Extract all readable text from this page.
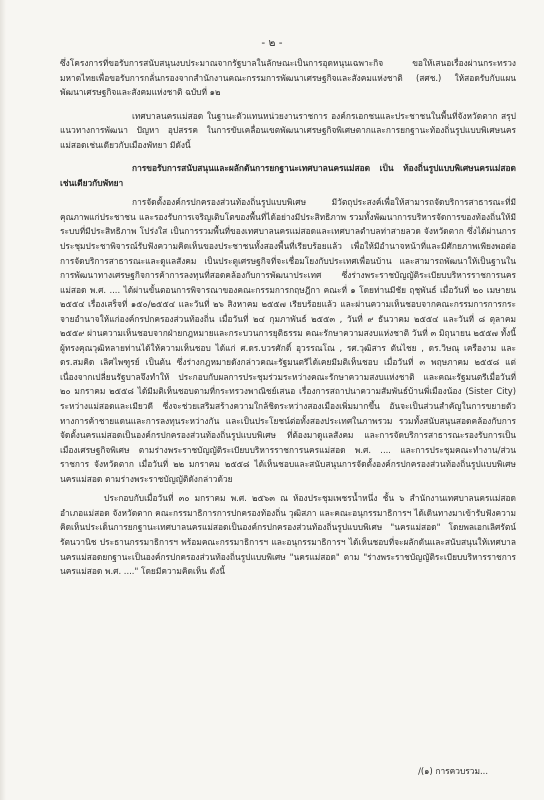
- ๒ -

ซึ่งโครงการที่ขอรับการสนับสนุนงบประมาณจากรัฐบาลในลักษณะเป็นการอุดหนุนเฉพาะกิจ ขอให้เสนอเรื่องผ่านกระทรวงมหาดไทยเพื่อขอรับการกลั่นกรองจากสำนักงานคณะกรรมการพัฒนาเศรษฐกิจและสังคมแห่งชาติ (สศช.) ให้สอดรับกับแผนพัฒนาเศรษฐกิจและสังคมแห่งชาติ ฉบับที่ ๑๒

เทศบาลนครแม่สอด ในฐานะตัวแทนหน่วยงานราชการ องค์กรเอกชนและประชาชนในพื้นที่จังหวัดตาก สรุปแนวทางการพัฒนา ปัญหา อุปสรรค ในการขับเคลื่อนเขตพัฒนาเศรษฐกิจพิเศษตากและการยกฐานะท้องถิ่นรูปแบบพิเศษนครแม่สอดเช่นเดียวกับเมืองพัทยา มีดังนี้

การขอรับการสนับสนุนและผลักดันการยกฐานะเทศบาลนครแม่สอด เป็น ท้องถิ่นรูปแบบพิเศษนครแม่สอด เช่นเดียวกับพัทยา

การจัดตั้งองค์กรปกครองส่วนท้องถิ่นรูปแบบพิเศษ มีวัตถุประสงค์เพื่อให้สามารถจัดบริการสาธารณะที่มีคุณภาพแก่ประชาชน และรองรับการเจริญเติบโตของพื้นที่ได้อย่างมีประสิทธิภาพ รวมทั้งพัฒนาการบริหารจัดการของท้องถิ่นให้มีระบบที่มีประสิทธิภาพ โปร่งใส เป็นการรวมพื้นที่ของเทศบาลนครแม่สอดและเทศบาลตำบลท่าสายลวด จังหวัดตาก ซึ่งได้ผ่านการประชุมประชาพิจารณ์รับฟังความคิดเห็นของประชาชนทั้งสองพื้นที่เรียบร้อยแล้ว เพื่อให้มีอำนาจหน้าที่และมีศักยภาพเพียงพอต่อการจัดบริการสาธารณะและดูแลสังคม เป็นประตูเศรษฐกิจที่จะเชื่อมโยงกับประเทศเพื่อนบ้าน และสามารถพัฒนาให้เป็นฐานในการพัฒนาทางเศรษฐกิจการค้าการลงทุนที่สอดคล้องกับการพัฒนาประเทศ ซึ่งร่างพระราชบัญญัติระเบียบบริหารราชการนครแม่สอด พ.ศ. .... ได้ผ่านขั้นตอนการพิจารณาของคณะกรรมการกฤษฎีกา คณะที่ ๑ โดยท่านมีชัย ฤชุพันธ์ เมื่อวันที่ ๒๐ เมษายน ๒๕๕๔ เรื่องเสร็จที่ ๑๕๐/๒๕๕๔ และวันที่ ๒๖ สิงหาคม ๒๕๕๗ เรียบร้อยแล้ว และผ่านความเห็นชอบจากคณะกรรมการการกระจายอำนาจให้แก่องค์กรปกครองส่วนท้องถิ่น เมื่อวันที่ ๒๔ กุมภาพันธ์ ๒๕๕๓ , วันที่ ๙ ธันวาคม ๒๕๕๔ และวันที่ ๘ ตุลาคม ๒๕๕๙ ผ่านความเห็นชอบจากฝ่ายกฎหมายและกระบวนการยุติธรรม คณะรักษาความสงบแห่งชาติ วันที่ ๓ มิถุนายน ๒๕๕๗ ทั้งนี้ผู้ทรงคุณวุฒิหลายท่านได้ให้ความเห็นชอบ ได้แก่ ศ.ดร.บวรศักดิ์ อุวรรณโณ , รศ.วุฒิสาร ตันไชย , ดร.วิษณุ เครืองาม และ ดร.สมคิด เลิศไพฑูรย์ เป็นต้น ซึ่งร่างกฎหมายดังกล่าวคณะรัฐมนตรีได้เคยมีมติเห็นชอบ เมื่อวันที่ ๓ พฤษภาคม ๒๕๕๘ แต่เนื่องจากเปลี่ยนรัฐบาลจึงทำให้ ประกอบกับผลการประชุมร่วมระหว่างคณะรักษาความสงบแห่งชาติ และคณะรัฐมนตรีเมื่อวันที่ ๒๐ มกราคม ๒๕๕๘ ได้มีมติเห็นชอบตามที่กระทรวงพาณิชย์เสนอ เรื่องการสถาปนาความสัมพันธ์บ้านพี่เมืองน้อง (Sister City) ระหว่างแม่สอดและเมียวดี ซึ่งจะช่วยเสริมสร้างความใกล้ชิดระหว่างสองเมืองเพิ่มมากขึ้น อันจะเป็นส่วนสำคัญในการขยายตัวทางการค้าชายแดนและการลงทุนระหว่างกัน และเป็นประโยชน์ต่อทั้งสองประเทศในภาพรวม รวมทั้งสนับสนุนสอดคล้องกับการจัดตั้งนครแม่สอดเป็นองค์กรปกครองส่วนท้องถิ่นรูปแบบพิเศษ ที่ต้องมาดูแลสังคม และการจัดบริการสาธารณะรองรับการเป็นเมืองเศรษฐกิจพิเศษ ตามร่างพระราชบัญญัติระเบียบบริหารราชการนครแม่สอด พ.ศ. .... และการประชุมคณะทำงาน/ส่วนราชการ จังหวัดตาก เมื่อวันที่ ๒๒ มกราคม ๒๕๕๘ ได้เห็นชอบและสนับสนุนการจัดตั้งองค์กรปกครองส่วนท้องถิ่นรูปแบบพิเศษนครแม่สอด ตามร่างพระราชบัญญัติดังกล่าวด้วย

ประกอบกับเมื่อวันที่ ๓๐ มกราคม พ.ศ. ๒๕๖๓ ณ ห้องประชุมเพชรน้ำหนึ่ง ชั้น ๖ สำนักงานเทศบาลนครแม่สอด อำเภอแม่สอด จังหวัดตาก คณะกรรมาธิการการปกครองท้องถิ่น วุฒิสภา และคณะอนุกรรมาธิการฯ ได้เดินทางมาเข้ารับฟังความคิดเห็นประเด็นการยกฐานะเทศบาลนครแม่สอดเป็นองค์กรปกครองส่วนท้องถิ่นรูปแบบพิเศษ "นครแม่สอด" โดยพลเอกเลิศรัตน์ รัตนวานิช ประธานกรรมาธิการฯ พร้อมคณะกรรมาธิการฯ และอนุกรรมาธิการฯ ได้เห็นชอบที่จะผลักดันและสนับสนุนให้เทศบาลนครแม่สอดยกฐานะเป็นองค์กรปกครองส่วนท้องถิ่นรูปแบบพิเศษ "นครแม่สอด" ตาม "ร่างพระราชบัญญัติระเบียบบริหารราชการนครแม่สอด พ.ศ. ...." โดยมีความคิดเห็น ดังนี้

/(๑) การควบรวม...
